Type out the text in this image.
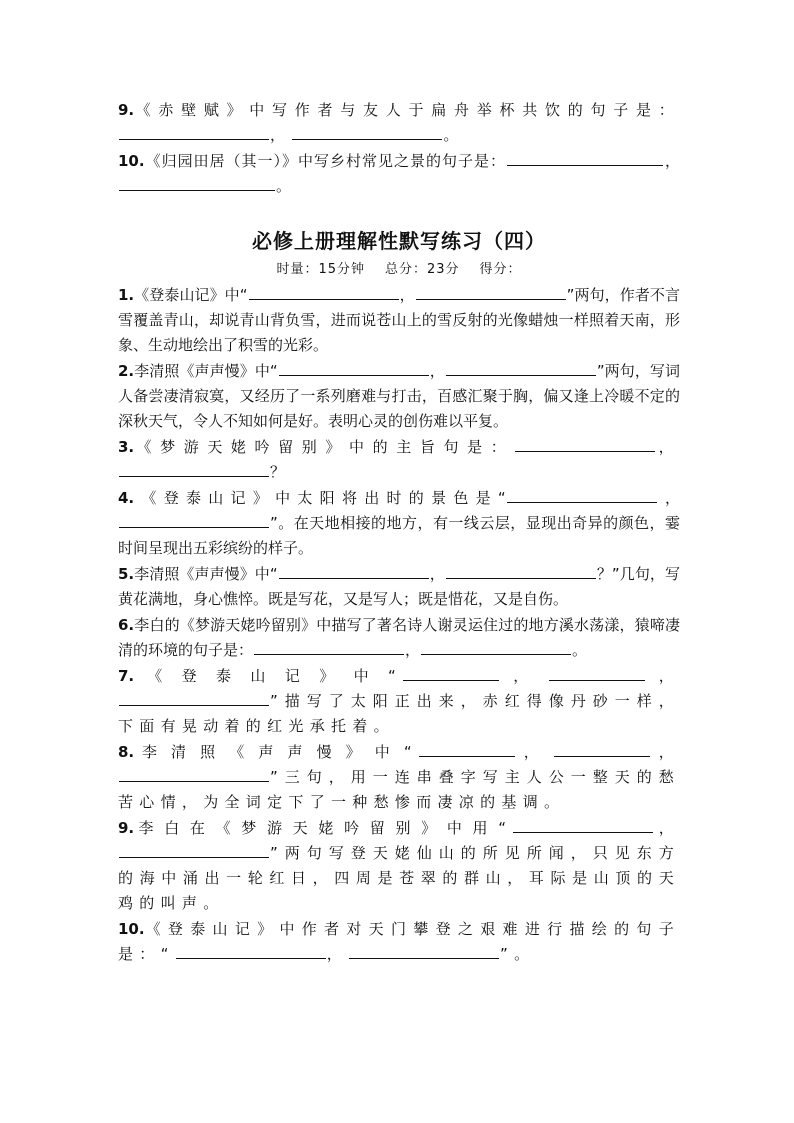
9.《赤壁赋》中写作者与友人于扁舟举杯共饮的句子是：，	。

10.《归园田居（其一）》中写乡村常见之景的句子是：	，。

必修上册理解性默写练习（四）
时量：15分钟 总分：23分 得分：

1.《登泰山记》中“	，	”两句，作者不言雪覆盖青山，却说青山背负雪，进而说苍山上的雪反射的光像蜡烛一样照着天南，形象、生动地绘出了积雪的光彩。

2.李清照《声声慢》中“	，	”两句，写词人备尝凄清寂寞，又经历了一系列磨难与打击，百感汇聚于胸，偏又逢上冷暖不定的深秋天气，令人不知如何是好。表明心灵的创伤难以平复。

3.《梦游天姥吟留别》中的主旨句是：	，？

4.《登泰山记》中太阳将出时的景色是“	，”。在天地相接的地方，有一线云层，显现出奇异的颜色，霎时间呈现出五彩缤纷的样子。

5.李清照《声声慢》中“	，	？”几句，写黄花满地，身心憔悴。既是写花，又是写人；既是惜花，又是自伤。

6.李白的《梦游天姥吟留别》中描写了著名诗人谢灵运住过的地方溪水荡漾，猿啼凄清的环境的句子是：	，	。

7.《登泰山记》中“	，	，”描写了太阳正出来，赤红得像丹砂一样，下面有晃动着的红光承托着。

8.李清照《声声慢》中“	，	，”三句，用一连串叠字写主人公一整天的愁苦心情，为全词定下了一种愁惨而凄凉的基调。

9.李白在《梦游天姥吟留别》中用“	，”两句写登天姥仙山的所见所闻，只见东方的海中涌出一轮红日，四周是苍翠的群山，耳际是山顶的天鸡的叫声。

10.《登泰山记》中作者对天门攀登之艰难进行描绘的句子是：“	，	”。
